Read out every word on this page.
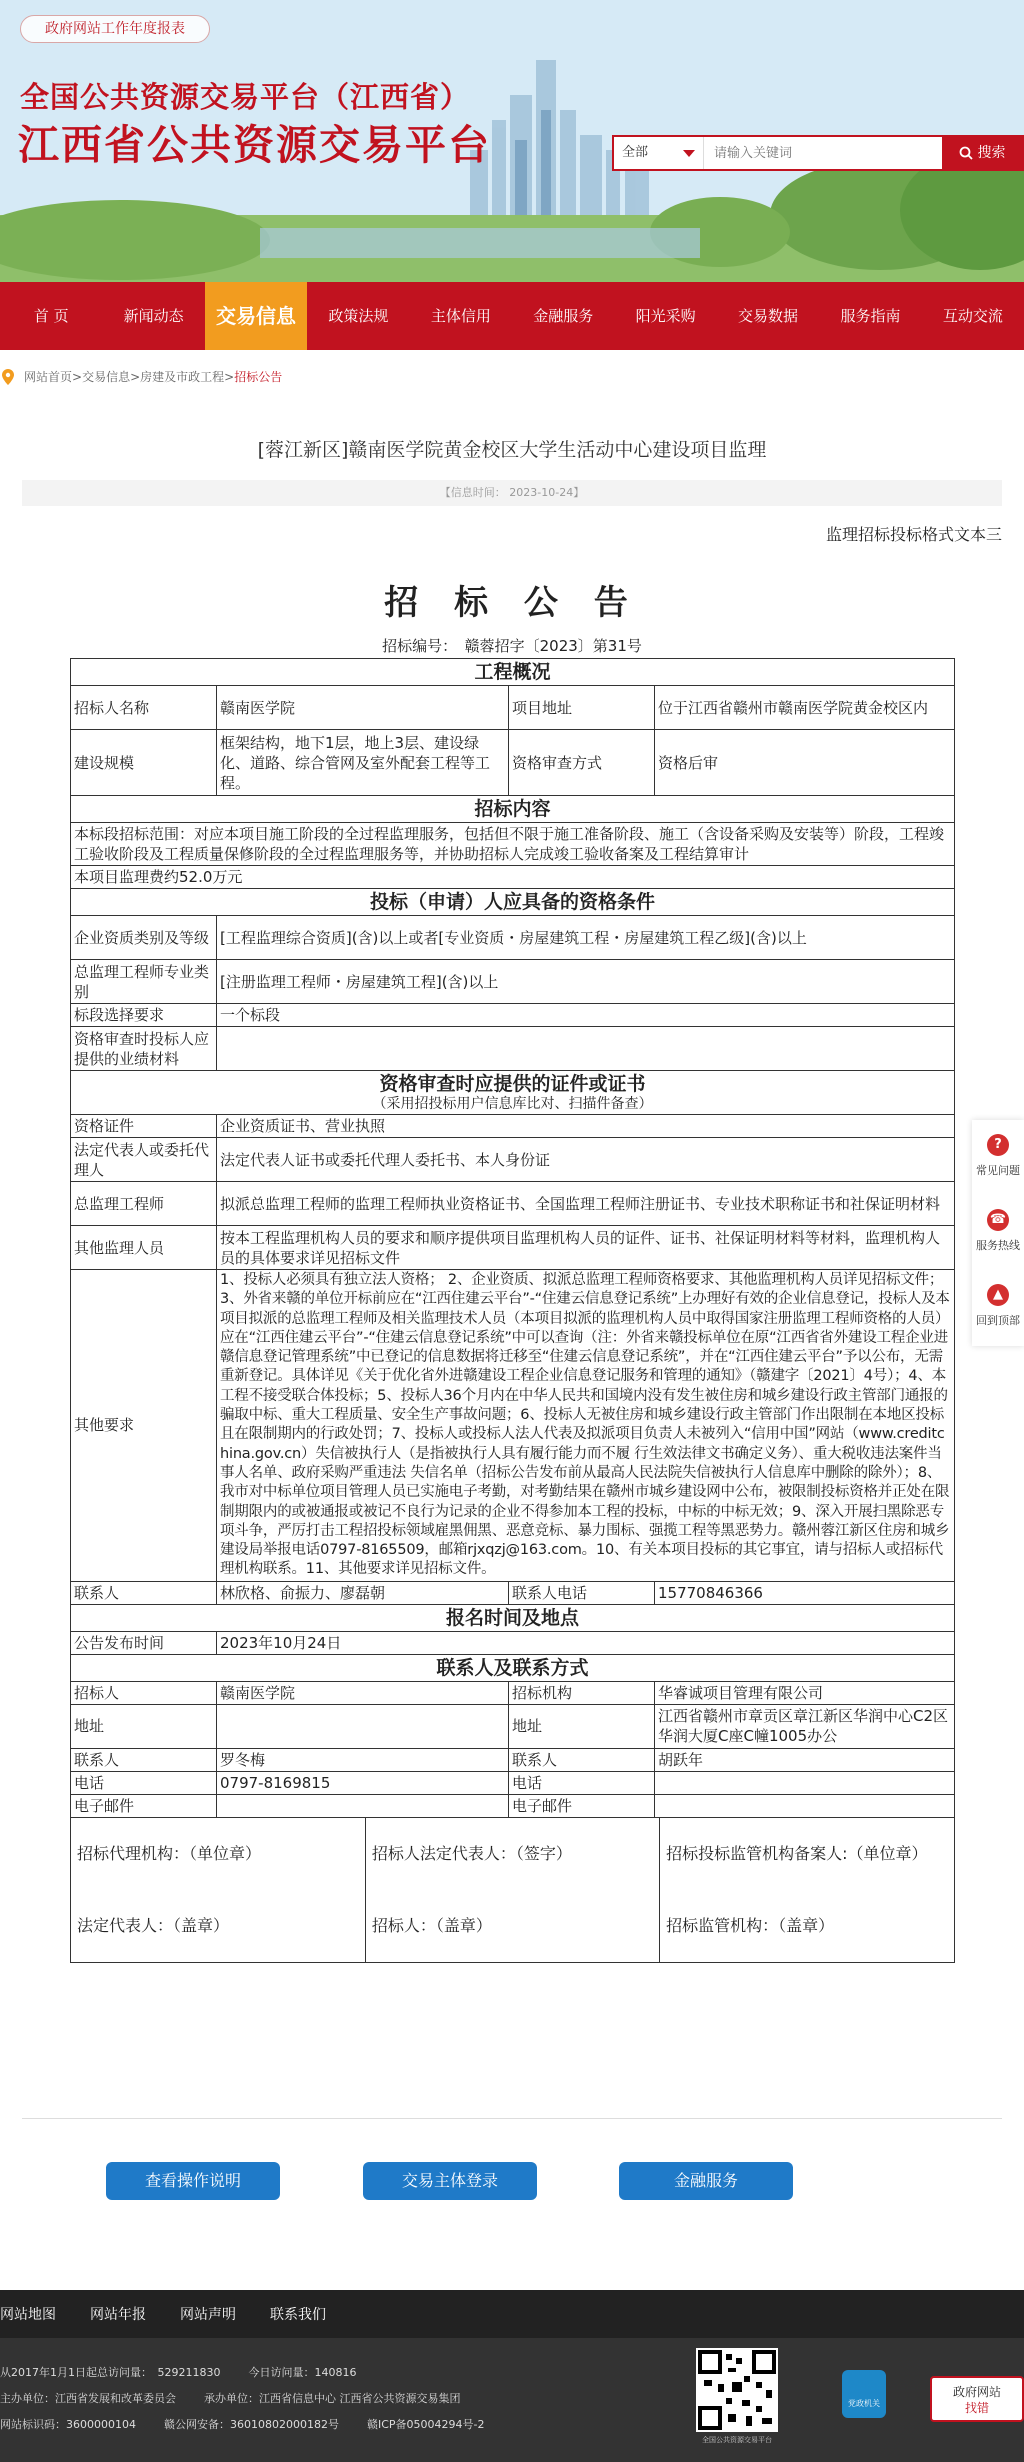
政府网站工作年度报表
全国公共资源交易平台（江西省）
江西省公共资源交易平台	全部
请输入关键词	搜索
首 页	新闻动态	交易信息	政策法规	主体信用	金融服务	阳光采购	交易数据	服务指南	互动交流
网站首页>交易信息>房建及市政工程>招标公告
[蓉江新区]赣南医学院黄金校区大学生活动中心建设项目监理
【信息时间： 2023-10-24】
监理招标投标格式文本三
招 标 公 告
招标编号：　赣蓉招字〔2023〕第31号
工程概况
招标人名称	赣南医学院	项目地址	位于江西省赣州市赣南医学院黄金校区内
建设规模	框架结构，地下1层，地上3层、建设绿化、道路、综合管网及室外配套工程等工程。	资格审查方式	资格后审
招标内容
本标段招标范围：对应本项目施工阶段的全过程监理服务，包括但不限于施工准备阶段、施工（含设备采购及安装等）阶段，工程竣工验收阶段及工程质量保修阶段的全过程监理服务等，并协助招标人完成竣工验收备案及工程结算审计
本项目监理费约52.0万元
投标（申请）人应具备的资格条件
企业资质类别及等级	[工程监理综合资质](含)以上或者[专业资质・房屋建筑工程・房屋建筑工程乙级](含)以上
总监理工程师专业类别	[注册监理工程师・房屋建筑工程](含)以上
标段选择要求	一个标段
资格审查时投标人应提供的业绩材料	
资格审查时应提供的证件或证书
（采用招投标用户信息库比对、扫描件备查）

资格证件	企业资质证书、营业执照
法定代表人或委托代理人	法定代表人证书或委托代理人委托书、本人身份证
总监理工程师	拟派总监理工程师的监理工程师执业资格证书、全国监理工程师注册证书、专业技术职称证书和社保证明材料
其他监理人员	按本工程监理机构人员的要求和顺序提供项目监理机构人员的证件、证书、社保证明材料等材料，监理机构人员的具体要求详见招标文件
其他要求	1、投标人必须具有独立法人资格； 2、企业资质、拟派总监理工程师资格要求、其他监理机构人员详见招标文件；3、外省来赣的单位开标前应在“江西住建云平台”-“住建云信息登记系统”上办理好有效的企业信息登记，投标人及本项目拟派的总监理工程师及相关监理技术人员（本项目拟派的监理机构人员中取得国家注册监理工程师资格的人员）应在“江西住建云平台”-“住建云信息登记系统”中可以查询（注：外省来赣投标单位在原“江西省省外建设工程企业进赣信息登记管理系统”中已登记的信息数据将迁移至“住建云信息登记系统”，并在“江西住建云平台”予以公布，无需重新登记。具体详见《关于优化省外进赣建设工程企业信息登记服务和管理的通知》（赣建字〔2021〕4号）；4、本工程不接受联合体投标；5、投标人36个月内在中华人民共和国境内没有发生被住房和城乡建设行政主管部门通报的骗取中标、重大工程质量、安全生产事故问题；6、投标人无被住房和城乡建设行政主管部门作出限制在本地区投标且在限制期内的行政处罚；7、投标人或投标人法人代表及拟派项目负责人未被列入“信用中国”网站（www.creditchina.gov.cn）失信被执行人（是指被执行人具有履行能力而不履 行生效法律文书确定义务）、重大税收违法案件当事人名单、政府采购严重违法 失信名单（招标公告发布前从最高人民法院失信被执行人信息库中删除的除外）；8、我市对中标单位项目管理人员已实施电子考勤，对考勤结果在赣州市城乡建设网中公布，被限制投标资格并正处在限制期限内的或被通报或被记不良行为记录的企业不得参加本工程的投标，中标的中标无效；9、深入开展扫黑除恶专项斗争，严厉打击工程招投标领域雇黑佣黑、恶意竞标、暴力围标、强揽工程等黑恶势力。赣州蓉江新区住房和城乡建设局举报电话0797-8165509，邮箱rjxqzj@163.com。10、有关本项目投标的其它事宜，请与招标人或招标代理机构联系。11、其他要求详见招标文件。
联系人	林欣格、俞振力、廖磊朝	联系人电话	15770846366
报名时间及地点
公告发布时间	2023年10月24日
联系人及联系方式
招标人	赣南医学院	招标机构	华睿诚项目管理有限公司
地址		地址	江西省赣州市章贡区章江新区华润中心C2区华润大厦C座C幢1005办公
联系人	罗冬梅	联系人	胡跃年
电话	0797-8169815	电话	
电子邮件		电子邮件	

招标代理机构：（单位章）	招标人法定代表人：（签字）	招标投标监管机构备案人:（单位章）
法定代表人：（盖章）	招标人：（盖章）	招标监管机构：（盖章）
查看操作说明	交易主体登录	金融服务
?
常见问题
☎
服务热线
▲
回到顶部
网站地图 网站年报 网站声明 联系我们
从2017年1月1日起总访问量：　529211830	今日访问量：140816
主办单位：江西省发展和改革委员会	承办单位：江西省信息中心 江西省公共资源交易集团
网站标识码：3600000104	赣公网安备：36010802000182号	赣ICP备05004294号-2
全国公共资源交易平台
党政机关
政府网站
找错
